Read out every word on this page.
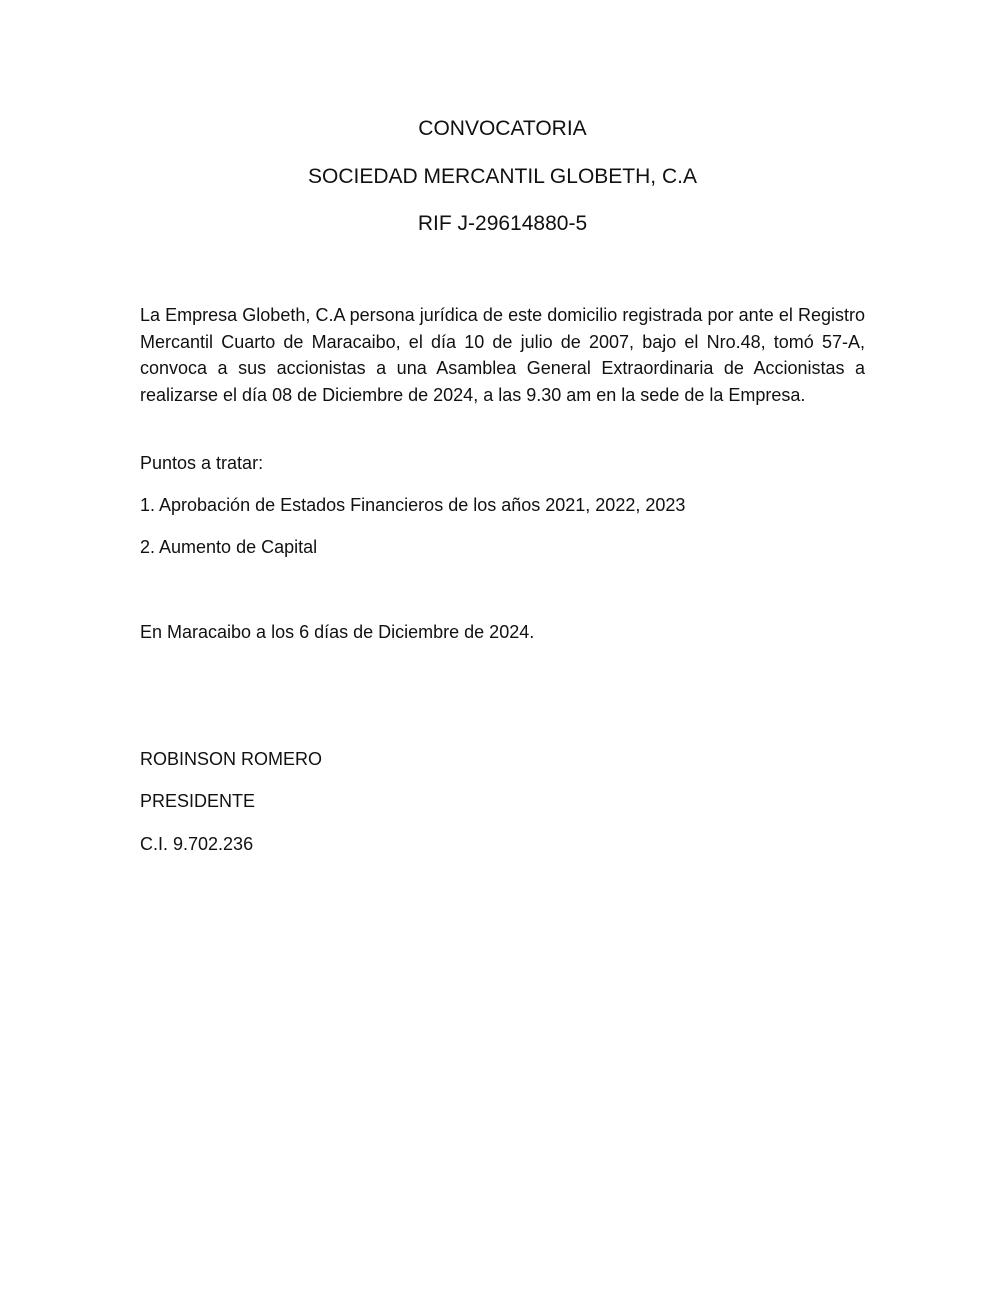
CONVOCATORIA
SOCIEDAD MERCANTIL GLOBETH, C.A
RIF J-29614880-5

La Empresa Globeth, C.A persona jurídica de este domicilio registrada por ante el Registro Mercantil Cuarto de Maracaibo, el día 10 de julio de 2007, bajo el Nro.48, tomó 57-A, convoca a sus accionistas a una Asamblea General Extraordinaria de Accionistas a realizarse el día 08 de Diciembre de 2024, a las 9.30 am en la sede de la Empresa.

Puntos a tratar:

1. Aprobación de Estados Financieros de los años 2021, 2022, 2023

2. Aumento de Capital

En Maracaibo a los 6 días de Diciembre de 2024.

ROBINSON ROMERO

PRESIDENTE

C.I. 9.702.236
